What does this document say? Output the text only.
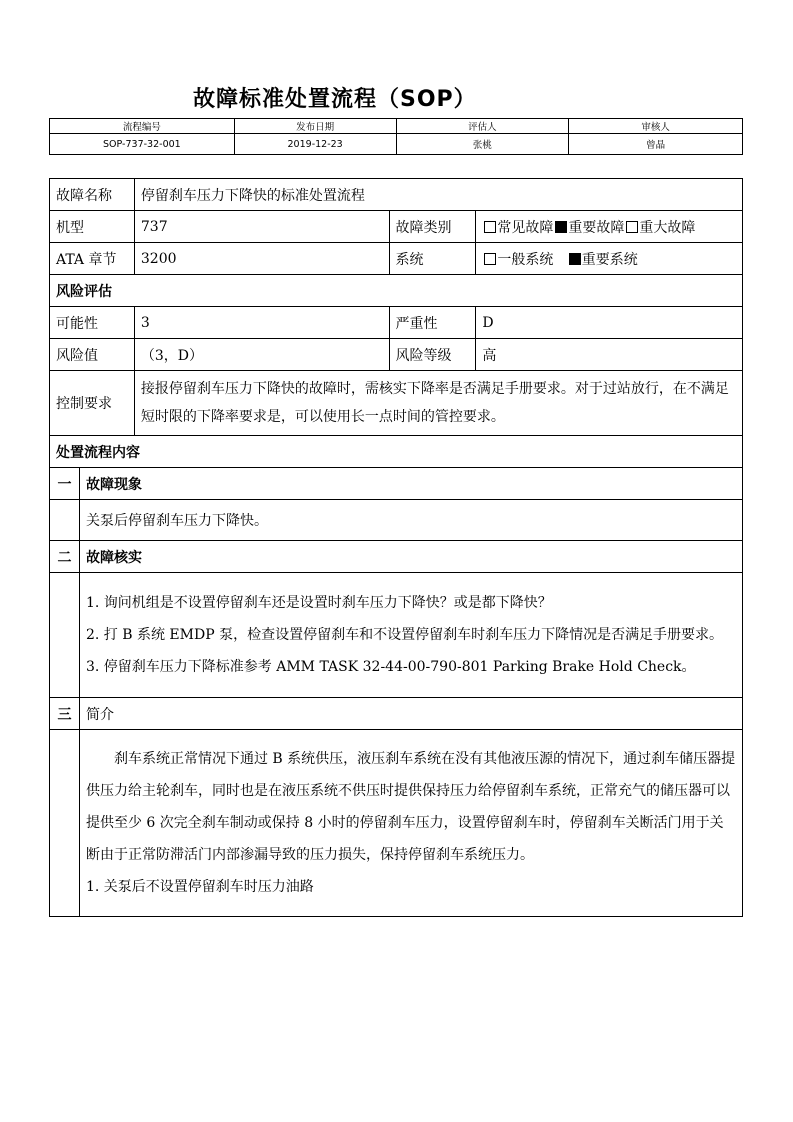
故障标准处置流程（SOP）
流程编号	发布日期	评估人	审核人
SOP-737-32-001	2019-12-23	张桃	曾晶
故障名称		停留刹车压力下降快的标准处置流程		
机型		737	故障类别	常见故障 重要故障 重大故障
ATA 章节		3200	系统	一般系统 重要系统
风险评估				
可能性		3	严重性	D
风险值		（3，D）	风险等级	高
控制要求		接报停留刹车压力下降快的故障时，需核实下降率是否满足手册要求。对于过站放行，在不满足短时限的下降率要求是，可以使用长一点时间的管控要求。		
处置流程内容				
一	故障现象			
	关泵后停留刹车压力下降快。			
二	故障核实			

	1. 询问机组是不设置停留刹车还是设置时刹车压力下降快？或是都下降快？
2. 打 B 系统 EMDP 泵，检查设置停留刹车和不设置停留刹车时刹车压力下降情况是否满足手册要求。
3. 停留刹车压力下降标准参考 AMM TASK 32-44-00-790-801 Parking Brake Hold Check。			

三	简介			

	刹车系统正常情况下通过 B 系统供压，液压刹车系统在没有其他液压源的情况下，通过刹车储压器提供压力给主轮刹车，同时也是在液压系统不供压时提供保持压力给停留刹车系统，正常充气的储压器可以提供至少 6 次完全刹车制动或保持 8 小时的停留刹车压力，设置停留刹车时，停留刹车关断活门用于关断由于正常防滞活门内部渗漏导致的压力损失，保持停留刹车系统压力。
1. 关泵后不设置停留刹车时压力油路			
